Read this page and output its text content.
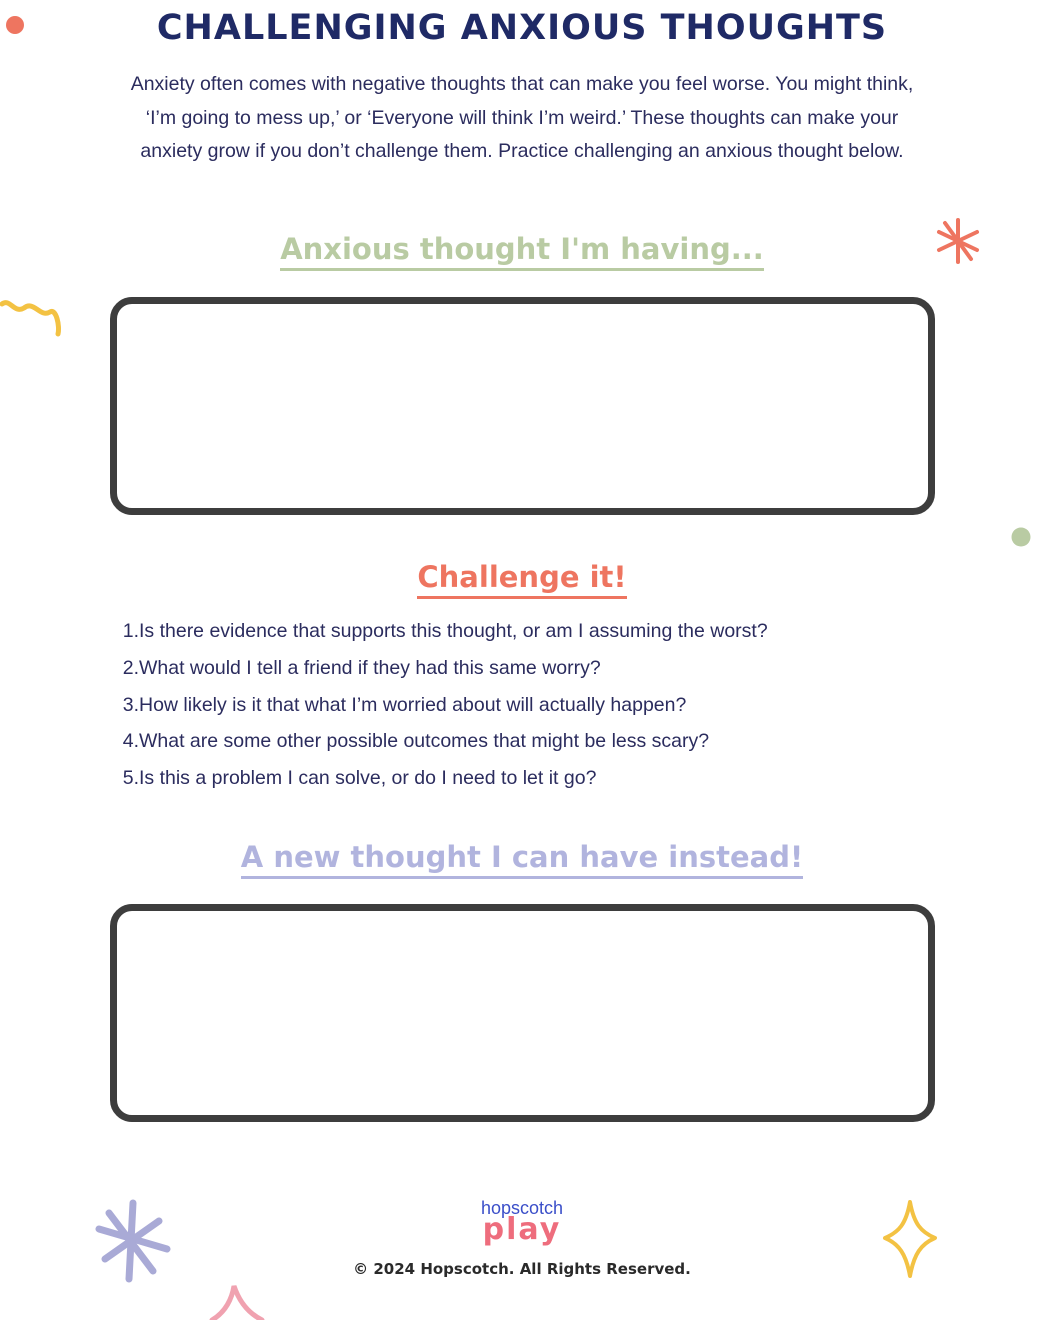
CHALLENGING ANXIOUS THOUGHTS
Anxiety often comes with negative thoughts that can make you feel worse. You might think,
‘I’m going to mess up,’ or ‘Everyone will think I’m weird.’ These thoughts can make your
anxiety grow if you don’t challenge them. Practice challenging an anxious thought below.
Anxious thought I'm having...
Challenge it!
1. Is there evidence that supports this thought, or am I assuming the worst?
2. What would I tell a friend if they had this same worry?
3. How likely is it that what I’m worried about will actually happen?
4. What are some other possible outcomes that might be less scary?
5. Is this a problem I can solve, or do I need to let it go?
A new thought I can have instead!
hopscotch
play
© 2024 Hopscotch. All Rights Reserved.
